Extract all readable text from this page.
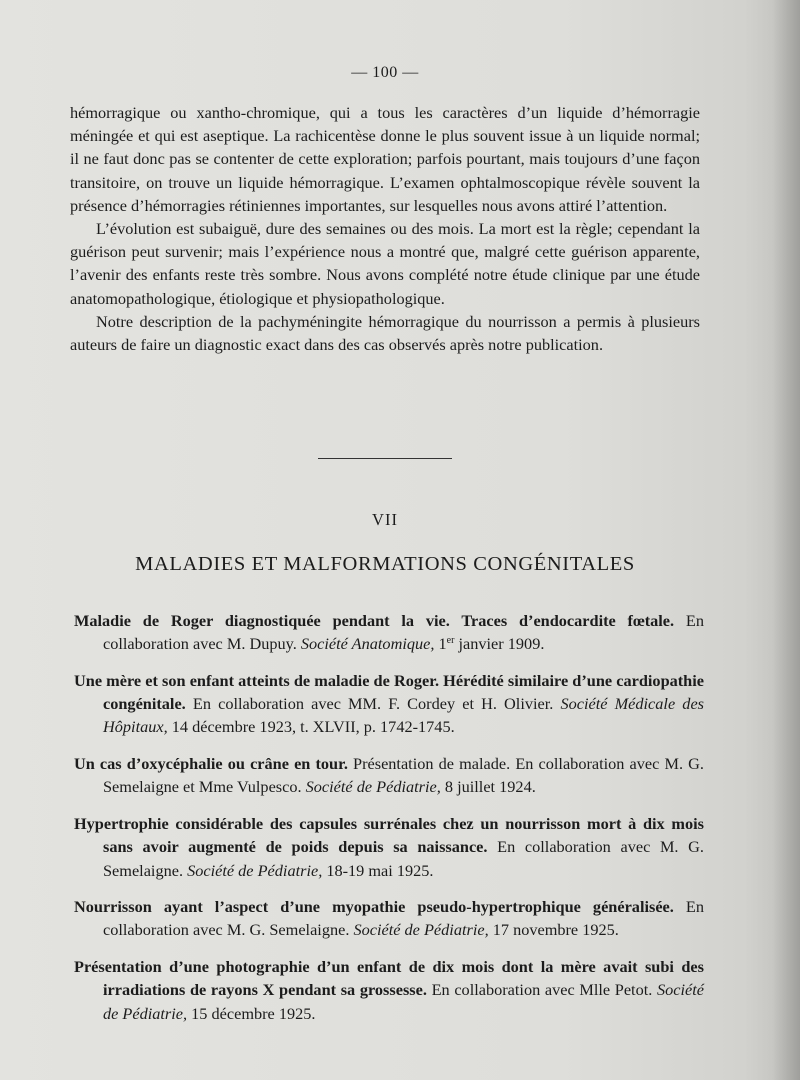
— 100 —

hémorragique ou xantho-chromique, qui a tous les caractères d’un liquide d’hémorragie méningée et qui est aseptique. La rachicentèse donne le plus souvent issue à un liquide normal; il ne faut donc pas se contenter de cette exploration; parfois pourtant, mais toujours d’une façon transitoire, on trouve un liquide hémorragique. L’examen ophtalmoscopique révèle souvent la présence d’hémorragies rétiniennes importantes, sur lesquelles nous avons attiré l’attention.

L’évolution est subaiguë, dure des semaines ou des mois. La mort est la règle; cependant la guérison peut survenir; mais l’expérience nous a montré que, malgré cette guérison apparente, l’avenir des enfants reste très sombre. Nous avons complété notre étude clinique par une étude anatomopathologique, étiologique et physiopathologique.

Notre description de la pachyméningite hémorragique du nourrisson a permis à plusieurs auteurs de faire un diagnostic exact dans des cas observés après notre publication.

VII
MALADIES ET MALFORMATIONS CONGÉNITALES

Maladie de Roger diagnostiquée pendant la vie. Traces d’endocardite fœtale. En collaboration avec M. Dupuy. Société Anatomique, 1er janvier 1909.

Une mère et son enfant atteints de maladie de Roger. Hérédité similaire d’une cardiopathie congénitale. En collaboration avec MM. F. Cordey et H. Olivier. Société Médicale des Hôpitaux, 14 décembre 1923, t. XLVII, p. 1742-1745.

Un cas d’oxycéphalie ou crâne en tour. Présentation de malade. En collaboration avec M. G. Semelaigne et Mme Vulpesco. Société de Pédiatrie, 8 juillet 1924.

Hypertrophie considérable des capsules surrénales chez un nourrisson mort à dix mois sans avoir augmenté de poids depuis sa naissance. En collaboration avec M. G. Semelaigne. Société de Pédiatrie, 18-19 mai 1925.

Nourrisson ayant l’aspect d’une myopathie pseudo-hypertrophique généralisée. En collaboration avec M. G. Semelaigne. Société de Pédiatrie, 17 novembre 1925.

Présentation d’une photographie d’un enfant de dix mois dont la mère avait subi des irradiations de rayons X pendant sa grossesse. En collaboration avec Mlle Petot. Société de Pédiatrie, 15 décembre 1925.
